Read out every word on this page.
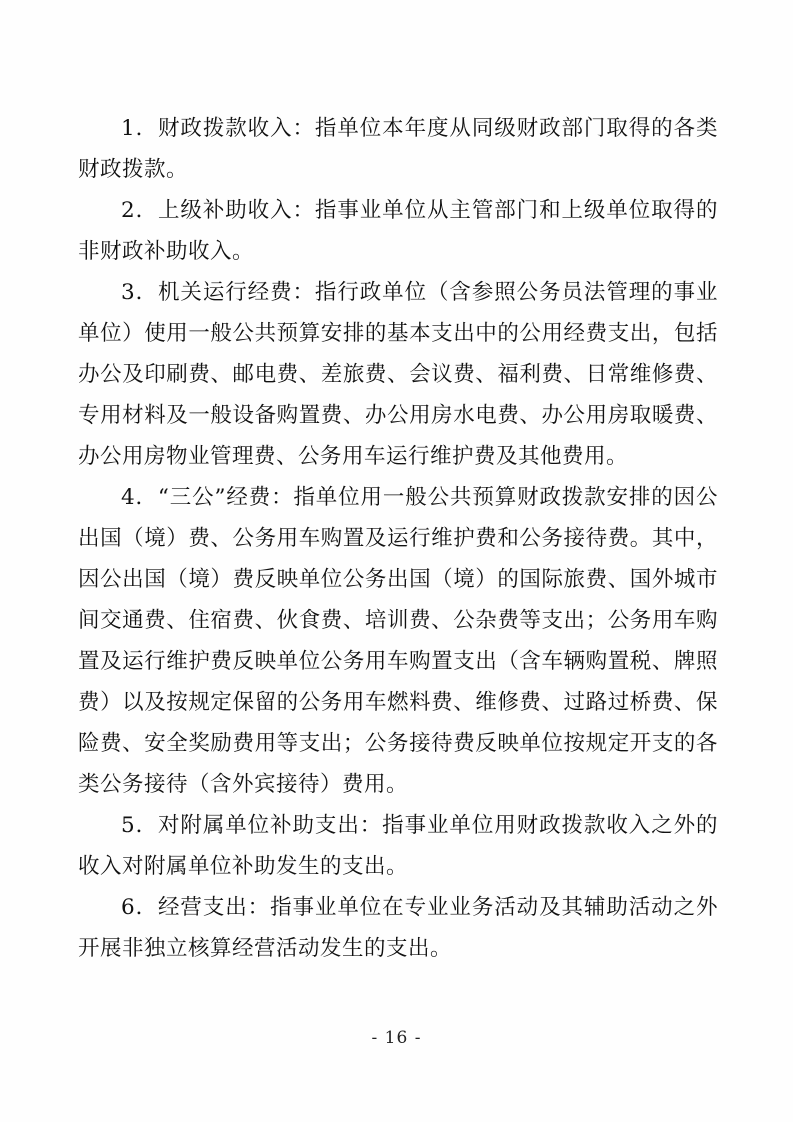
1．财政拨款收入：指单位本年度从同级财政部门取得的各类财政拨款。

2．上级补助收入：指事业单位从主管部门和上级单位取得的非财政补助收入。

3．机关运行经费：指行政单位（含参照公务员法管理的事业单位）使用一般公共预算安排的基本支出中的公用经费支出，包括办公及印刷费、邮电费、差旅费、会议费、福利费、日常维修费、专用材料及一般设备购置费、办公用房水电费、办公用房取暖费、办公用房物业管理费、公务用车运行维护费及其他费用。

4．“三公”经费：指单位用一般公共预算财政拨款安排的因公出国（境）费、公务用车购置及运行维护费和公务接待费。其中，因公出国（境）费反映单位公务出国（境）的国际旅费、国外城市间交通费、住宿费、伙食费、培训费、公杂费等支出；公务用车购置及运行维护费反映单位公务用车购置支出（含车辆购置税、牌照费）以及按规定保留的公务用车燃料费、维修费、过路过桥费、保险费、安全奖励费用等支出；公务接待费反映单位按规定开支的各类公务接待（含外宾接待）费用。

5．对附属单位补助支出：指事业单位用财政拨款收入之外的收入对附属单位补助发生的支出。

6．经营支出：指事业单位在专业业务活动及其辅助活动之外开展非独立核算经营活动发生的支出。

- 16 -
